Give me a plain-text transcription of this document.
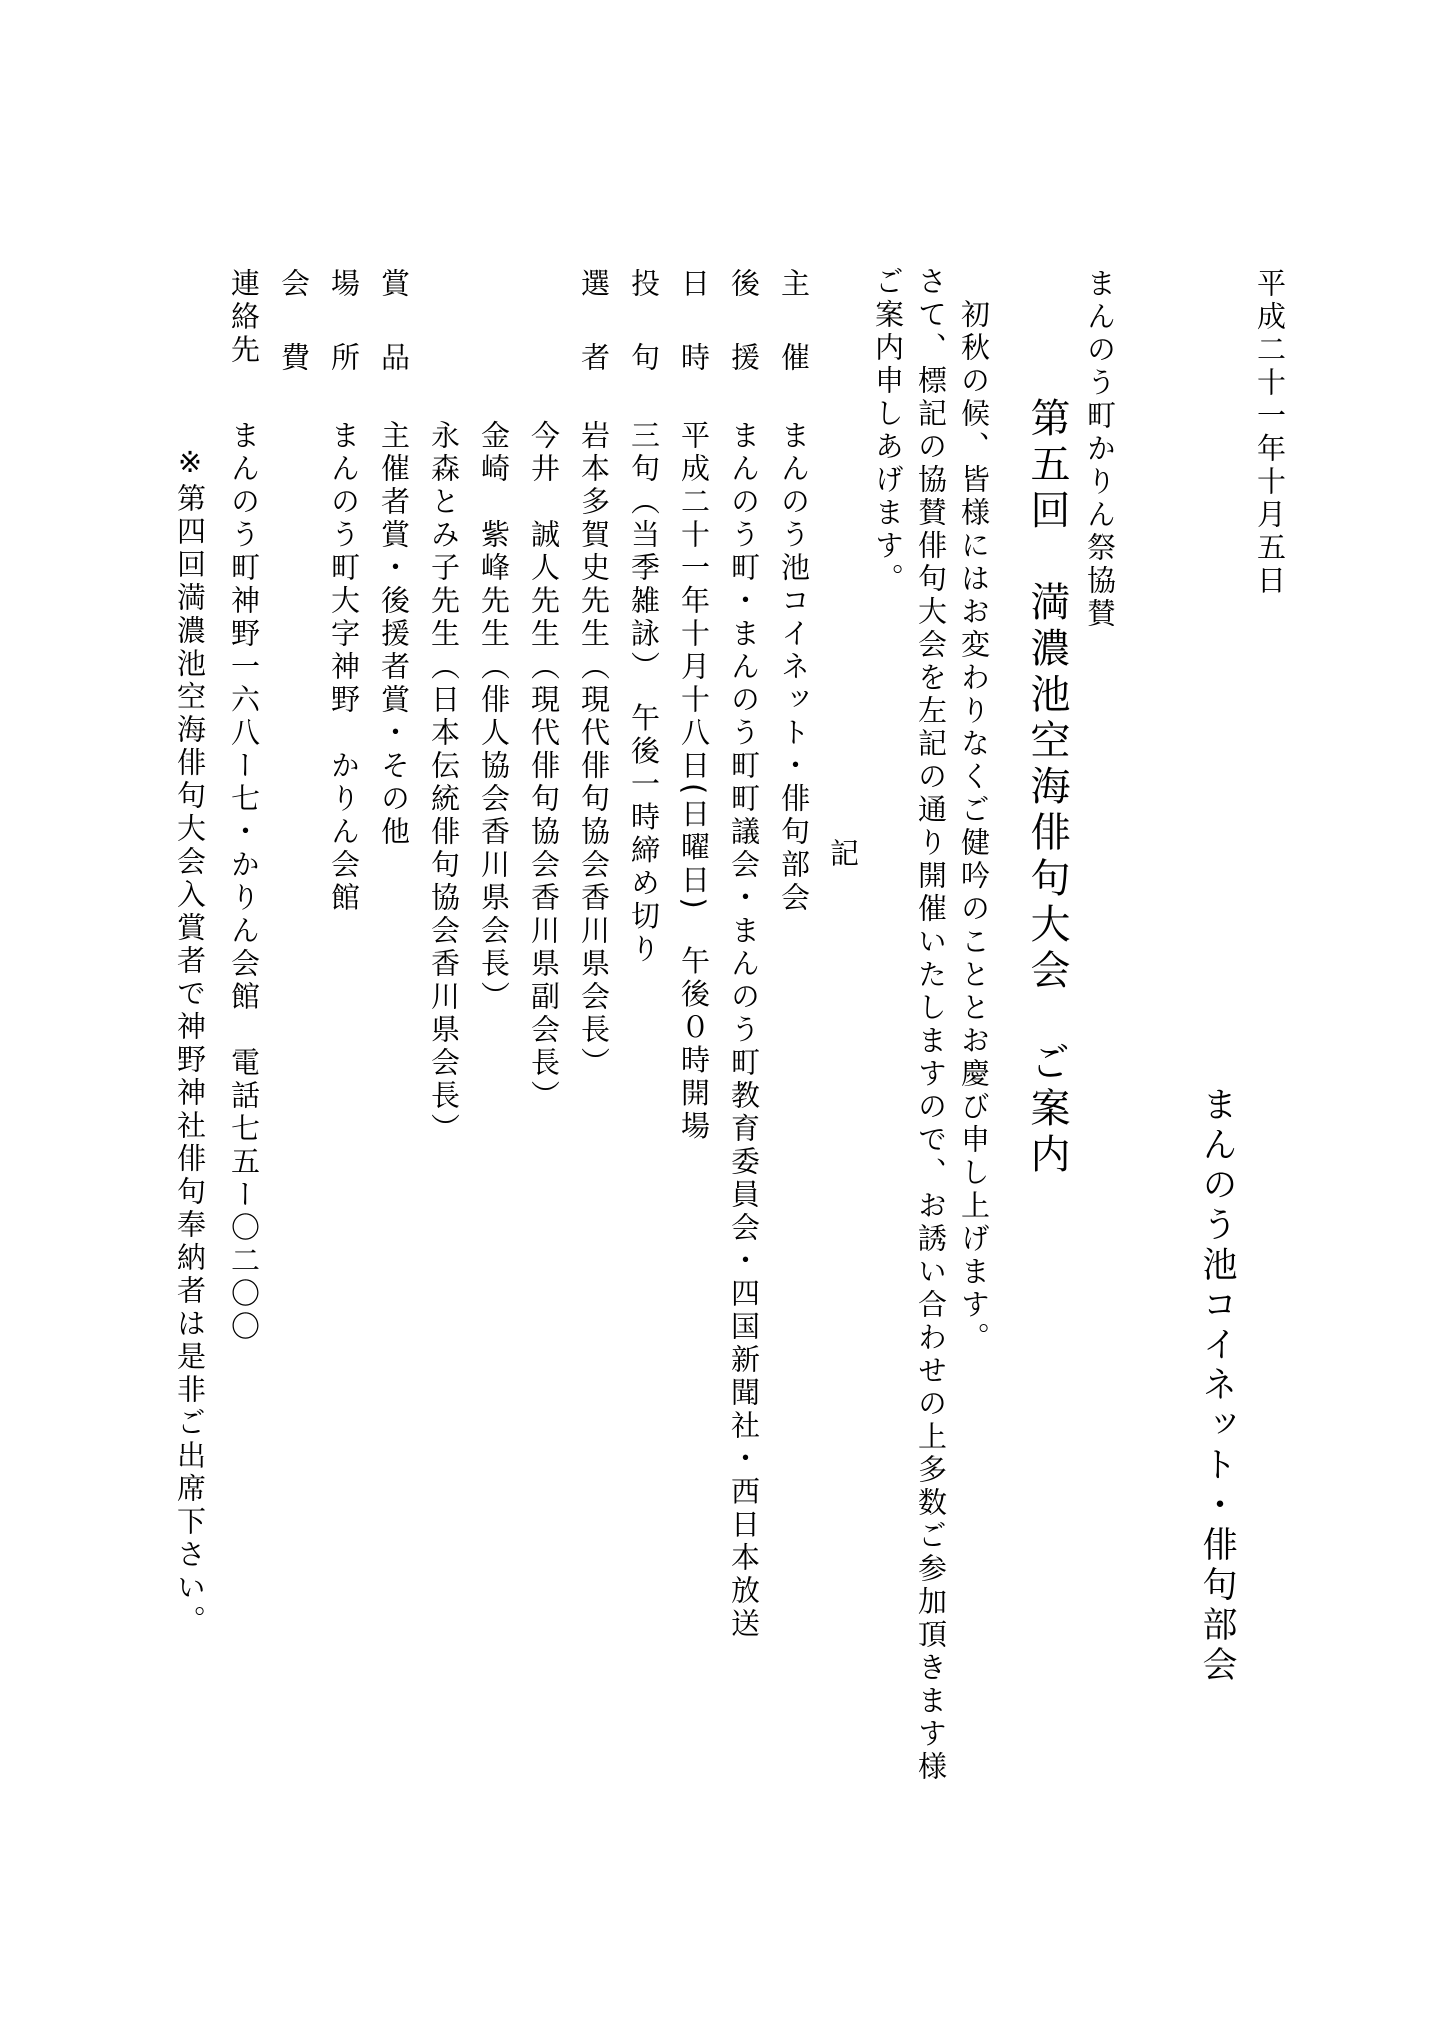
平成二十一年十月五日
まんのう池コイネット・俳句部会
まんのう町かりん祭協賛
第五回　満濃池空海俳句大会　ご案内
　初秋の候、皆様にはお変わりなくご健吟のこととお慶び申し上げます。
さて、標記の協賛俳句大会を左記の通り開催いたしますので、お誘い合わせの上多数ご参加頂きます様
ご案内申しあげます。
記
主　催
まんのう池コイネット・俳句部会
後　援
まんのう町・まんのう町町議会・まんのう町教育委員会・四国新聞社・西日本放送
日　時
平成二十一年十月十八日(日曜日)　午後０時開場
投　句
三句（当季雑詠）　午後一時締め切り
選　者
岩本多賀史先生（現代俳句協会香川県会長）
今井　誠人先生（現代俳句協会香川県副会長）
金崎　紫峰先生（俳人協会香川県会長）
永森とみ子先生（日本伝統俳句協会香川県会長）
賞　品
主催者賞・後援者賞・その他
場　所
まんのう町大字神野　かりん会館
会　費
連絡先
まんのう町神野一六八ー七・かりん会館　電話七五ー〇二〇〇
※第四回満濃池空海俳句大会入賞者で神野神社俳句奉納者は是非ご出席下さい。
